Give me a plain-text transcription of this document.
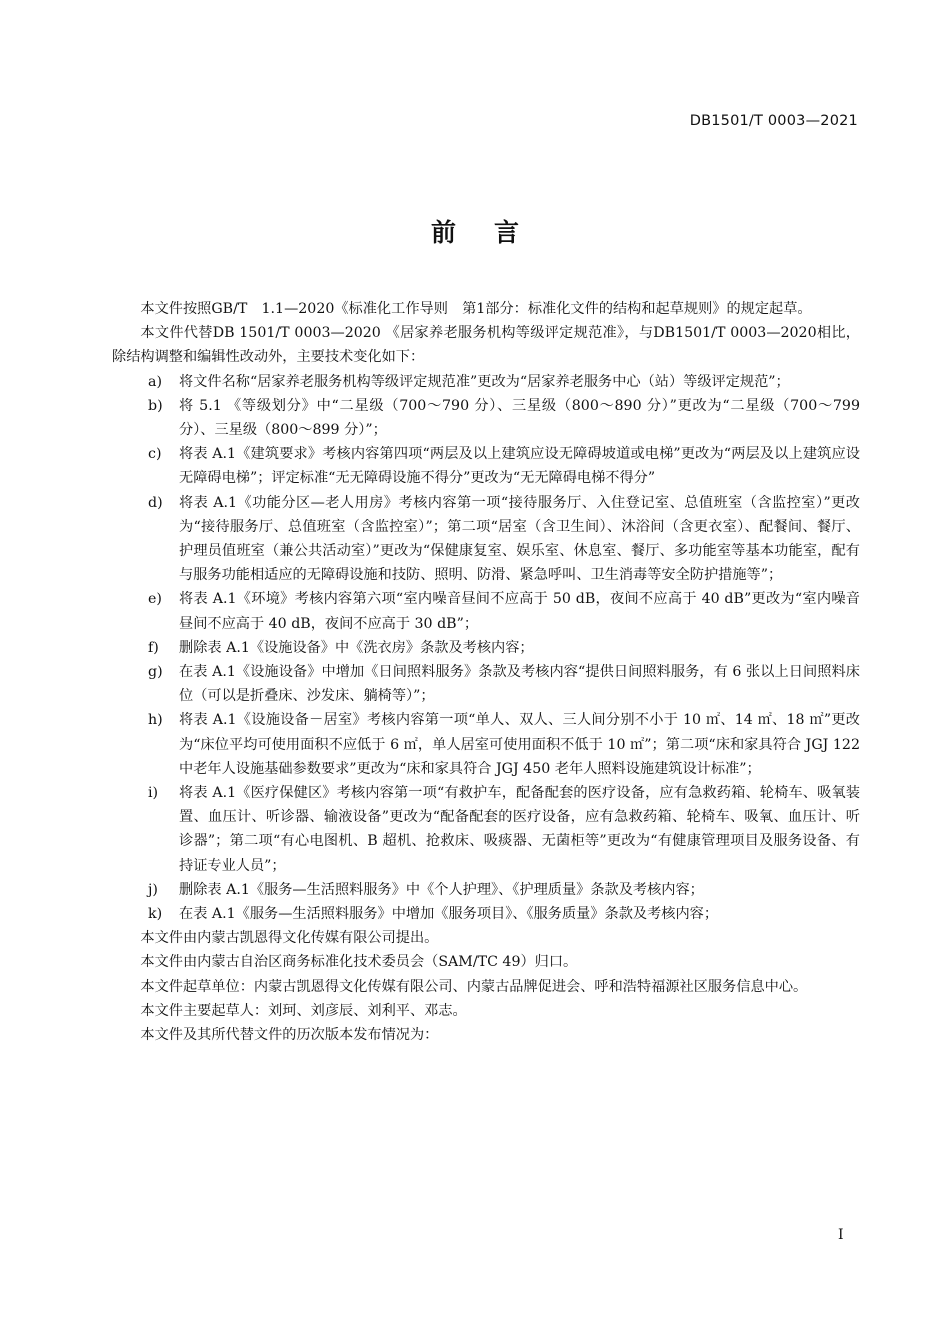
DB1501/T 0003—2021
前言

本文件按照GB/T　1.1—2020《标准化工作导则　第1部分：标准化文件的结构和起草规则》的规定起草。

本文件代替DB 1501/T 0003—2020 《居家养老服务机构等级评定规范准》，与DB1501/T 0003—2020相比，除结构调整和编辑性改动外，主要技术变化如下：

a) 将文件名称“居家养老服务机构等级评定规范准”更改为“居家养老服务中心（站）等级评定规范”；
b) 将 5.1 《等级划分》中“二星级（700～790 分）、三星级（800～890 分）”更改为“二星级（700～799 分）、三星级（800～899 分）”；
c) 将表 A.1《建筑要求》考核内容第四项“两层及以上建筑应设无障碍坡道或电梯”更改为“两层及以上建筑应设无障碍电梯”；评定标准“无无障碍设施不得分”更改为“无无障碍电梯不得分”
d) 将表 A.1《功能分区—老人用房》考核内容第一项“接待服务厅、入住登记室、总值班室（含监控室）”更改为“接待服务厅、总值班室（含监控室）”；第二项“居室（含卫生间）、沐浴间（含更衣室）、配餐间、餐厅、护理员值班室（兼公共活动室）”更改为“保健康复室、娱乐室、休息室、餐厅、多功能室等基本功能室，配有与服务功能相适应的无障碍设施和技防、照明、防滑、紧急呼叫、卫生消毒等安全防护措施等”；
e) 将表 A.1《环境》考核内容第六项“室内噪音昼间不应高于 50 dB，夜间不应高于 40 dB”更改为“室内噪音昼间不应高于 40 dB，夜间不应高于 30 dB”；
f) 删除表 A.1《设施设备》中《洗衣房》条款及考核内容；
g) 在表 A.1《设施设备》中增加《日间照料服务》条款及考核内容“提供日间照料服务，有 6 张以上日间照料床位（可以是折叠床、沙发床、躺椅等）”；
h) 将表 A.1《设施设备－居室》考核内容第一项“单人、双人、三人间分别不小于 10 ㎡、14 ㎡、18 ㎡”更改为“床位平均可使用面积不应低于 6 ㎡，单人居室可使用面积不低于 10 ㎡”；第二项“床和家具符合 JGJ 122 中老年人设施基础参数要求”更改为“床和家具符合 JGJ 450 老年人照料设施建筑设计标准”；
i) 将表 A.1《医疗保健区》考核内容第一项“有救护车，配备配套的医疗设备，应有急救药箱、轮椅车、吸氧装置、血压计、听诊器、输液设备”更改为“配备配套的医疗设备，应有急救药箱、轮椅车、吸氧、血压计、听诊器”；第二项“有心电图机、B 超机、抢救床、吸痰器、无菌柜等”更改为“有健康管理项目及服务设备、有持证专业人员”；
j) 删除表 A.1《服务—生活照料服务》中《个人护理》、《护理质量》条款及考核内容；
k) 在表 A.1《服务—生活照料服务》中增加《服务项目》、《服务质量》条款及考核内容；

本文件由内蒙古凯恩得文化传媒有限公司提出。

本文件由内蒙古自治区商务标准化技术委员会（SAM/TC 49）归口。

本文件起草单位：内蒙古凯恩得文化传媒有限公司、内蒙古品牌促进会、呼和浩特福源社区服务信息中心。

本文件主要起草人：刘珂、刘彦辰、刘利平、邓志。

本文件及其所代替文件的历次版本发布情况为：

I
